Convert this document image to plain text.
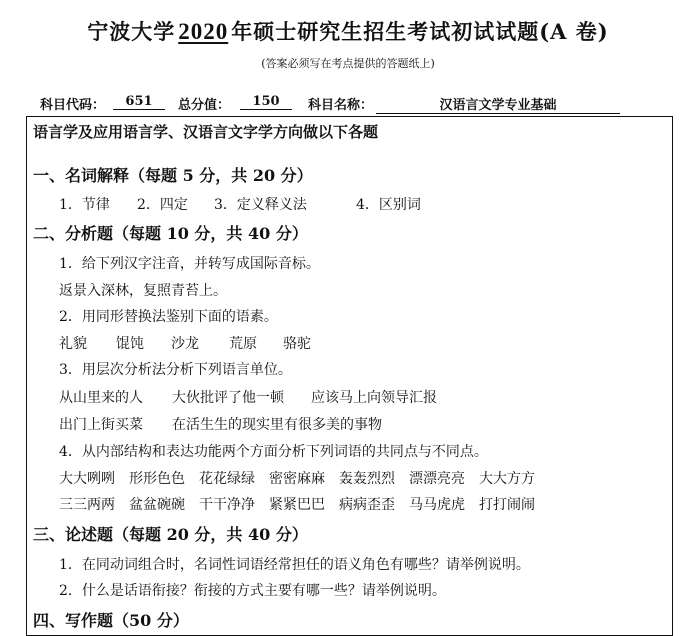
宁波大学 2020 年硕士研究生招生考试初试试题(A 卷)
(答案必须写在考点提供的答题纸上)
科目代码：	651	总分值：	150	科目名称：	汉语言文学专业基础
语言学及应用语言学、汉语言文字学方向做以下各题
一、名词解释（每题 5 分，共 20 分）
1．节律 2．四定 3．定义释义法	4．区别词
二、分析题（每题 10 分，共 40 分）
1．给下列汉字注音，并转写成国际音标。
返景入深林，复照青苔上。
2．用同形替换法鉴别下面的语素。
礼貌 馄饨 沙龙 荒原 骆驼
3．用层次分析法分析下列语言单位。
从山里来的人 大伙批评了他一顿 应该马上向领导汇报
出门上街买菜 在活生生的现实里有很多美的事物
4．从内部结构和表达功能两个方面分析下列词语的共同点与不同点。
大大咧咧 形形色色 花花绿绿 密密麻麻 轰轰烈烈 漂漂亮亮 大大方方
三三两两 盆盆碗碗 干干净净 紧紧巴巴 病病歪歪 马马虎虎 打打闹闹
三、论述题（每题 20 分，共 40 分）
1．在同动词组合时，名词性词语经常担任的语义角色有哪些？请举例说明。
2．什么是话语衔接？衔接的方式主要有哪一些？请举例说明。
四、写作题（50 分）
